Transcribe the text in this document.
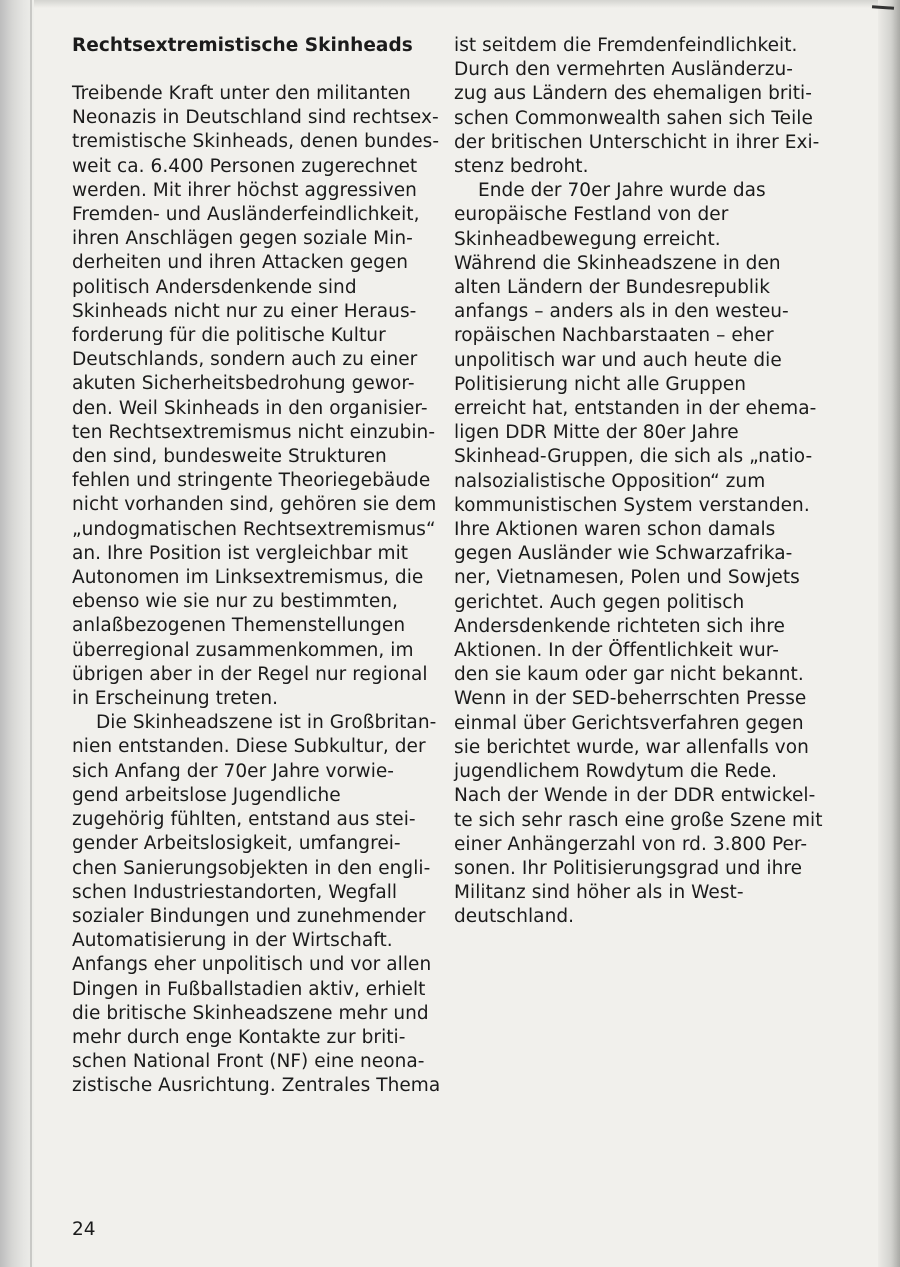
Rechtsextremistische Skinheads
Treibende Kraft unter den militanten
Neonazis in Deutschland sind rechtsex-
tremistische Skinheads, denen bundes-
weit ca. 6.400 Personen zugerechnet
werden. Mit ihrer höchst aggressiven
Fremden- und Ausländerfeindlichkeit,
ihren Anschlägen gegen soziale Min-
derheiten und ihren Attacken gegen
politisch Andersdenkende sind
Skinheads nicht nur zu einer Heraus-
forderung für die politische Kultur
Deutschlands, sondern auch zu einer
akuten Sicherheitsbedrohung gewor-
den. Weil Skinheads in den organisier-
ten Rechtsextremismus nicht einzubin-
den sind, bundesweite Strukturen
fehlen und stringente Theoriegebäude
nicht vorhanden sind, gehören sie dem
„undogmatischen Rechtsextremismus“
an. Ihre Position ist vergleichbar mit
Autonomen im Linksextremismus, die
ebenso wie sie nur zu bestimmten,
anlaßbezogenen Themenstellungen
überregional zusammenkommen, im
übrigen aber in der Regel nur regional
in Erscheinung treten.
Die Skinheadszene ist in Großbritan-
nien entstanden. Diese Subkultur, der
sich Anfang der 70er Jahre vorwie-
gend arbeitslose Jugendliche
zugehörig fühlten, entstand aus stei-
gender Arbeitslosigkeit, umfangrei-
chen Sanierungsobjekten in den engli-
schen Industriestandorten, Wegfall
sozialer Bindungen und zunehmender
Automatisierung in der Wirtschaft.
Anfangs eher unpolitisch und vor allen
Dingen in Fußballstadien aktiv, erhielt
die britische Skinheadszene mehr und
mehr durch enge Kontakte zur briti-
schen National Front (NF) eine neona-
zistische Ausrichtung. Zentrales Thema
ist seitdem die Fremdenfeindlichkeit.
Durch den vermehrten Ausländerzu-
zug aus Ländern des ehemaligen briti-
schen Commonwealth sahen sich Teile
der britischen Unterschicht in ihrer Exi-
stenz bedroht.
Ende der 70er Jahre wurde das
europäische Festland von der
Skinheadbewegung erreicht.
Während die Skinheadszene in den
alten Ländern der Bundesrepublik
anfangs – anders als in den westeu-
ropäischen Nachbarstaaten – eher
unpolitisch war und auch heute die
Politisierung nicht alle Gruppen
erreicht hat, entstanden in der ehema-
ligen DDR Mitte der 80er Jahre
Skinhead-Gruppen, die sich als „natio-
nalsozialistische Opposition“ zum
kommunistischen System verstanden.
Ihre Aktionen waren schon damals
gegen Ausländer wie Schwarzafrika-
ner, Vietnamesen, Polen und Sowjets
gerichtet. Auch gegen politisch
Andersdenkende richteten sich ihre
Aktionen. In der Öffentlichkeit wur-
den sie kaum oder gar nicht bekannt.
Wenn in der SED-beherrschten Presse
einmal über Gerichtsverfahren gegen
sie berichtet wurde, war allenfalls von
jugendlichem Rowdytum die Rede.
Nach der Wende in der DDR entwickel-
te sich sehr rasch eine große Szene mit
einer Anhängerzahl von rd. 3.800 Per-
sonen. Ihr Politisierungsgrad und ihre
Militanz sind höher als in West-
deutschland.
24
